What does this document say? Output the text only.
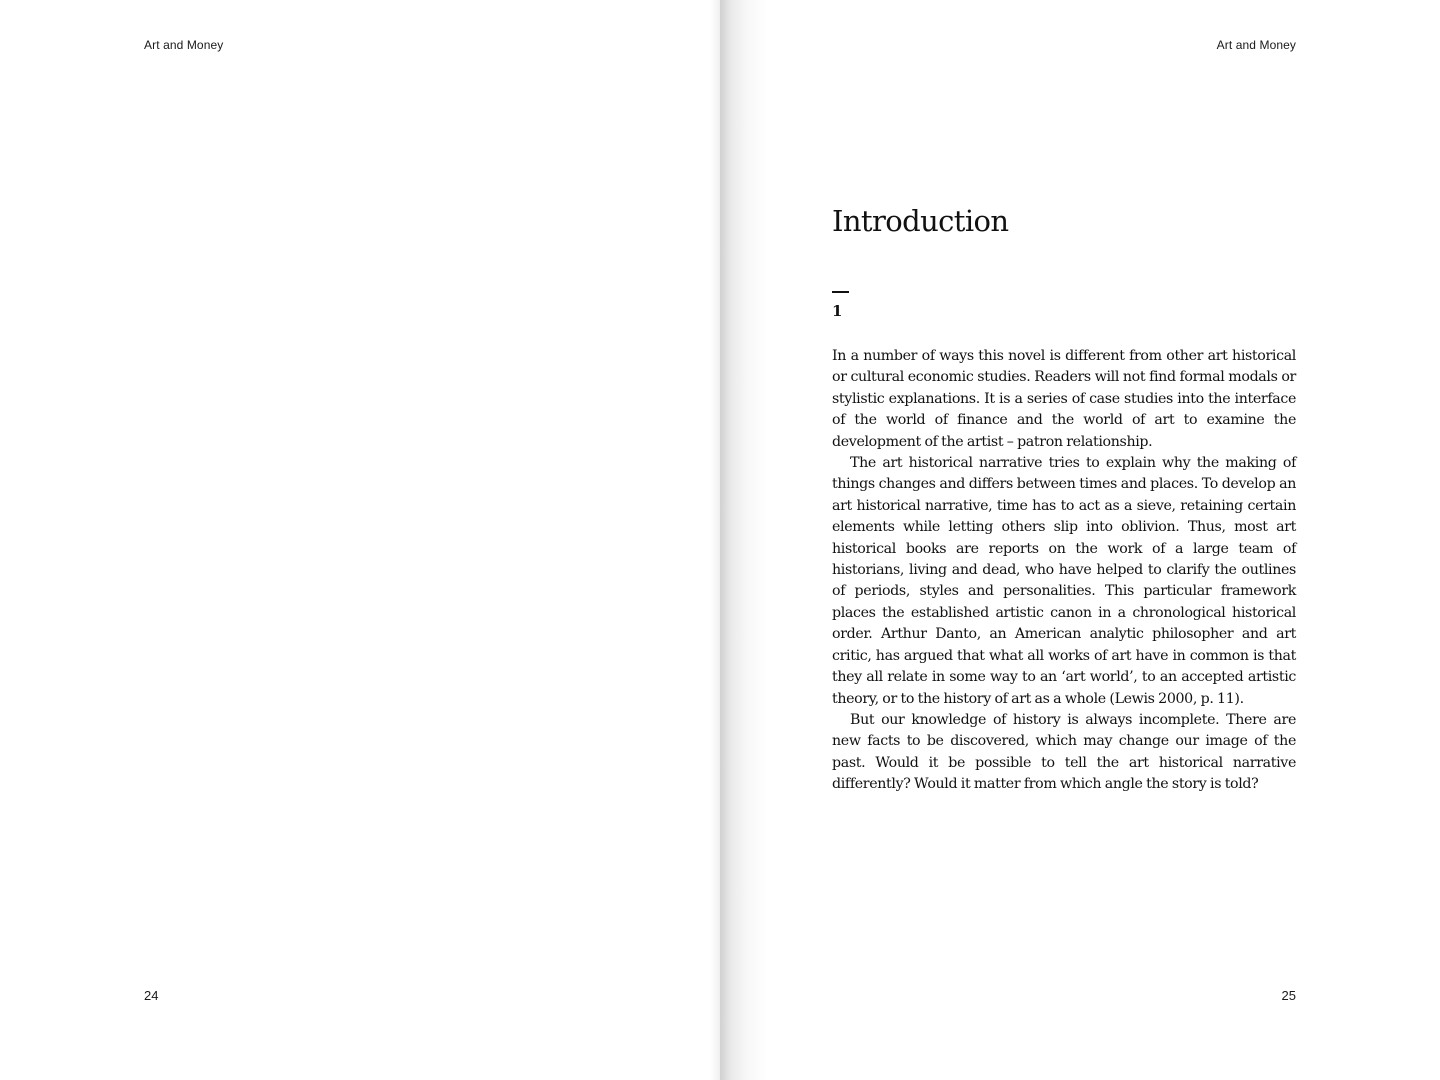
Art and Money
24
Art and Money
Introduction
1

In a number of ways this novel is different from other art historical or cultural economic studies. Readers will not find formal modals or stylistic explanations. It is a series of case studies into the interface of the world of finance and the world of art to examine the development of the artist – patron relationship.

The art historical narrative tries to explain why the making of things changes and differs between times and places. To develop an art historical narrative, time has to act as a sieve, retaining certain elements while letting others slip into oblivion. Thus, most art historical books are reports on the work of a large team of historians, living and dead, who have helped to clarify the outlines of periods, styles and personalities. This particular framework places the established artistic canon in a chronological historical order. Arthur Danto, an American analytic philosopher and art critic, has argued that what all works of art have in common is that they all relate in some way to an ‘art world’, to an accepted artistic theory, or to the history of art as a whole (Lewis 2000, p. 11).

But our knowledge of history is always incomplete. There are new facts to be discovered, which may change our image of the past. Would it be possible to tell the art historical narrative differently? Would it matter from which angle the story is told?

25
